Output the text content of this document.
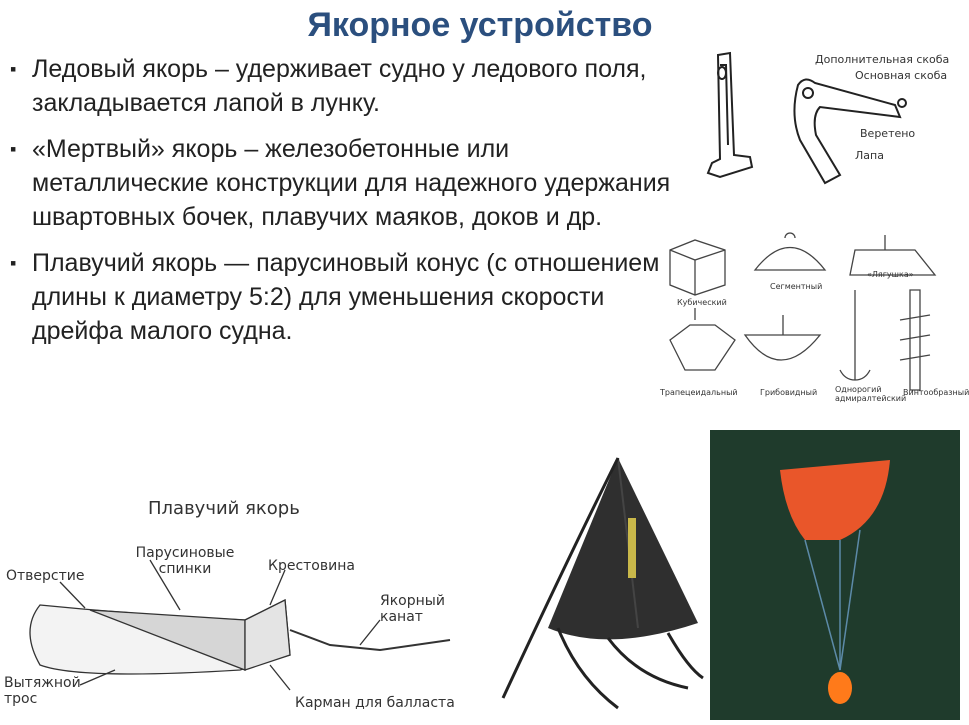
Якорное устройство
▪ Ледовый якорь – удерживает судно у ледового поля, закладывается лапой в лунку.
▪ «Мертвый» якорь – железобетонные или металлические конструкции для надежного удержания швартовных бочек, плавучих маяков, доков и др.
▪ Плавучий якорь — парусиновый конус (с отношением длины к диаметру 5:2) для уменьшения скорости дрейфа малого судна.
Дополнительная скоба
Основная скоба
Веретено
Лапа
Кубический
Сегментный
«Лягушка»
Трапецеидальный	Грибовидный Однорогий адмиралтейский
Винтообразный
Плавучий якорь
Парусиновые спинки	Крестовина
Отверстие
Якорный канат
Вытяжной трос	Карман для балласта
